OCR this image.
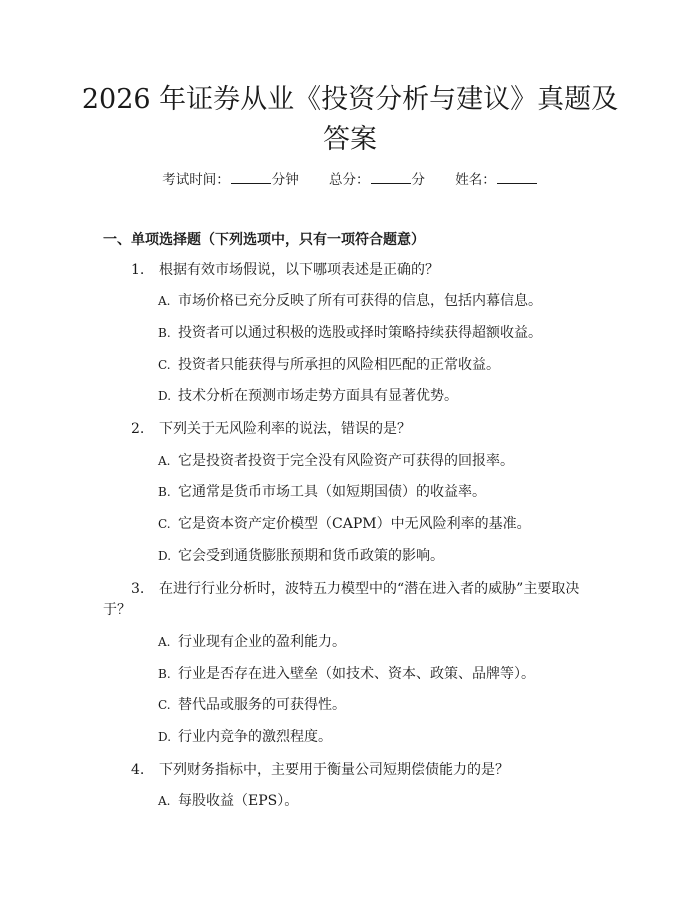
2026 年证券从业《投资分析与建议》真题及
答案
考试时间：	分钟 总分：	分 姓名：
一、单项选择题（下列选项中，只有一项符合题意）
1. 根据有效市场假说，以下哪项表述是正确的？
A. 市场价格已充分反映了所有可获得的信息，包括内幕信息。
B. 投资者可以通过积极的选股或择时策略持续获得超额收益。
C. 投资者只能获得与所承担的风险相匹配的正常收益。
D. 技术分析在预测市场走势方面具有显著优势。
2. 下列关于无风险利率的说法，错误的是？
A. 它是投资者投资于完全没有风险资产可获得的回报率。
B. 它通常是货币市场工具（如短期国债）的收益率。
C. 它是资本资产定价模型（CAPM）中无风险利率的基准。
D. 它会受到通货膨胀预期和货币政策的影响。
3. 在进行行业分析时，波特五力模型中的“潜在进入者的威胁”主要取决
于？
A. 行业现有企业的盈利能力。
B. 行业是否存在进入壁垒（如技术、资本、政策、品牌等）。
C. 替代品或服务的可获得性。
D. 行业内竞争的激烈程度。
4. 下列财务指标中，主要用于衡量公司短期偿债能力的是？
A. 每股收益（EPS）。
